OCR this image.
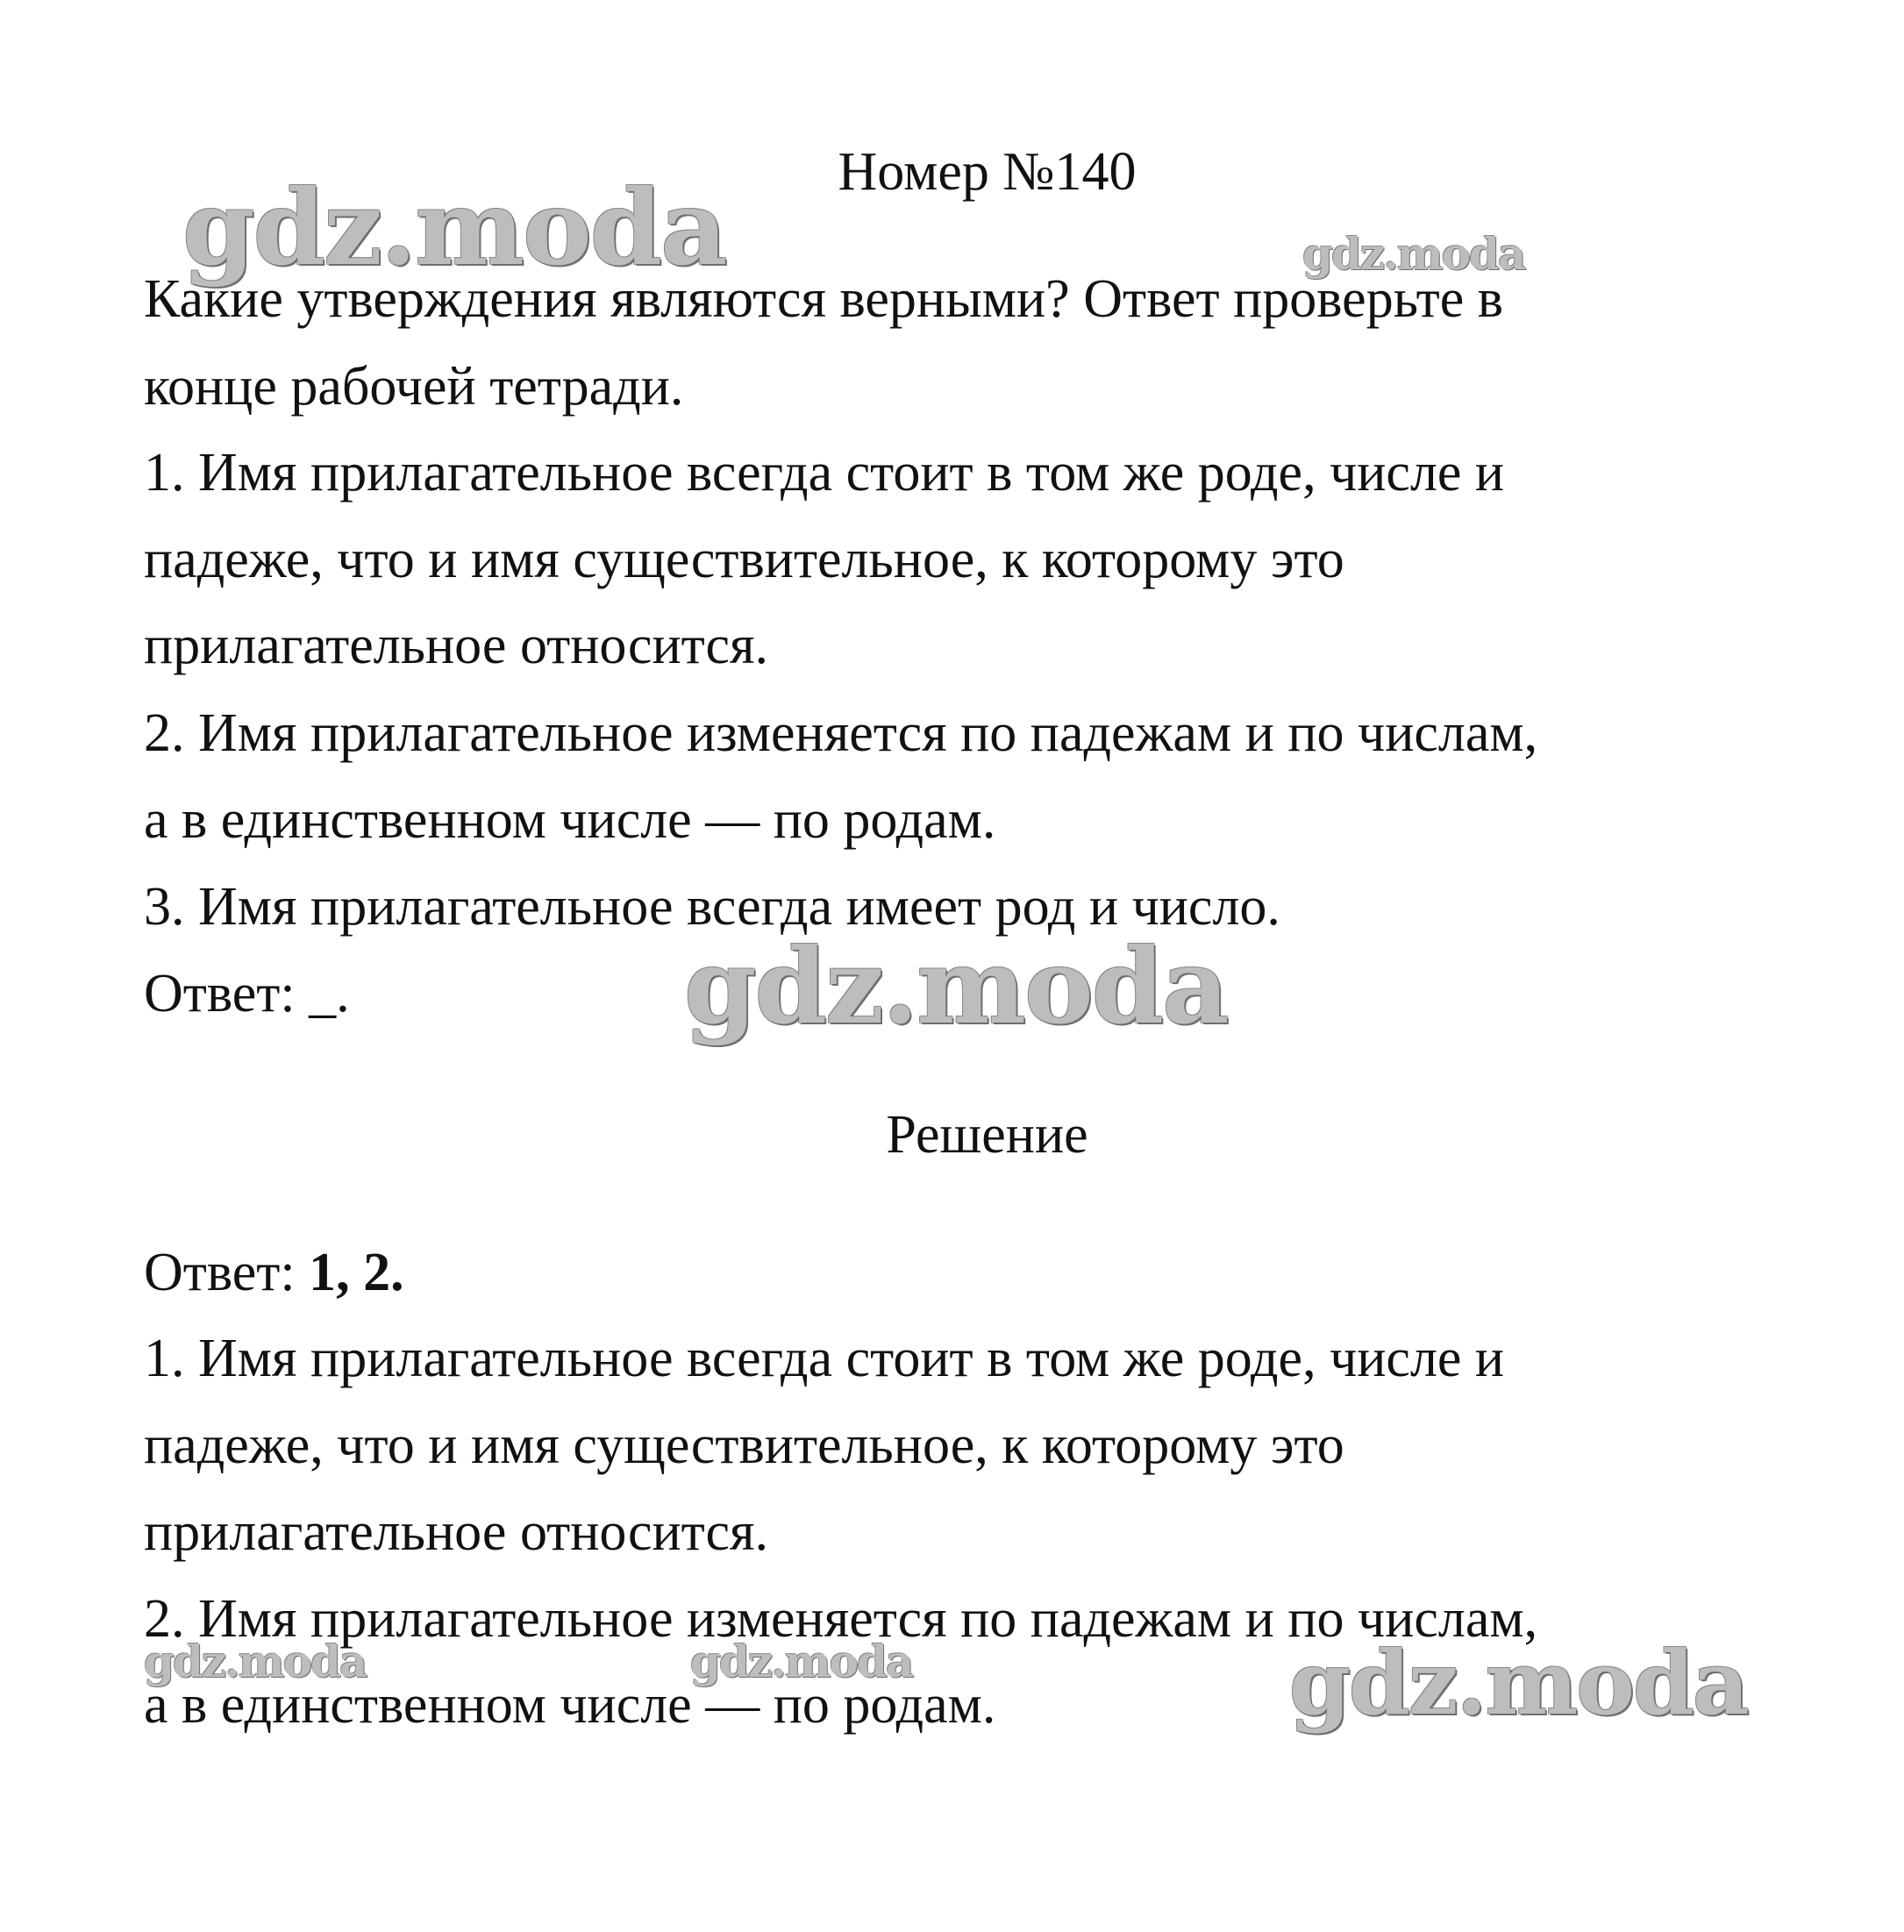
Номер №140
Какие утверждения являются верными? Ответ проверьте в
конце рабочей тетради.
1. Имя прилагательное всегда стоит в том же роде, числе и
падеже, что и имя существительное, к которому это
прилагательное относится.
2. Имя прилагательное изменяется по падежам и по числам,
а в единственном числе — по родам.
3. Имя прилагательное всегда имеет род и число.
Ответ: _.
Решение
Ответ: 1, 2.
1. Имя прилагательное всегда стоит в том же роде, числе и
падеже, что и имя существительное, к которому это
прилагательное относится.
2. Имя прилагательное изменяется по падежам и по числам,
а в единственном числе — по родам.
gdz.moda	gdz.moda
gdz.moda
gdz.moda	gdz.moda	gdz.moda
